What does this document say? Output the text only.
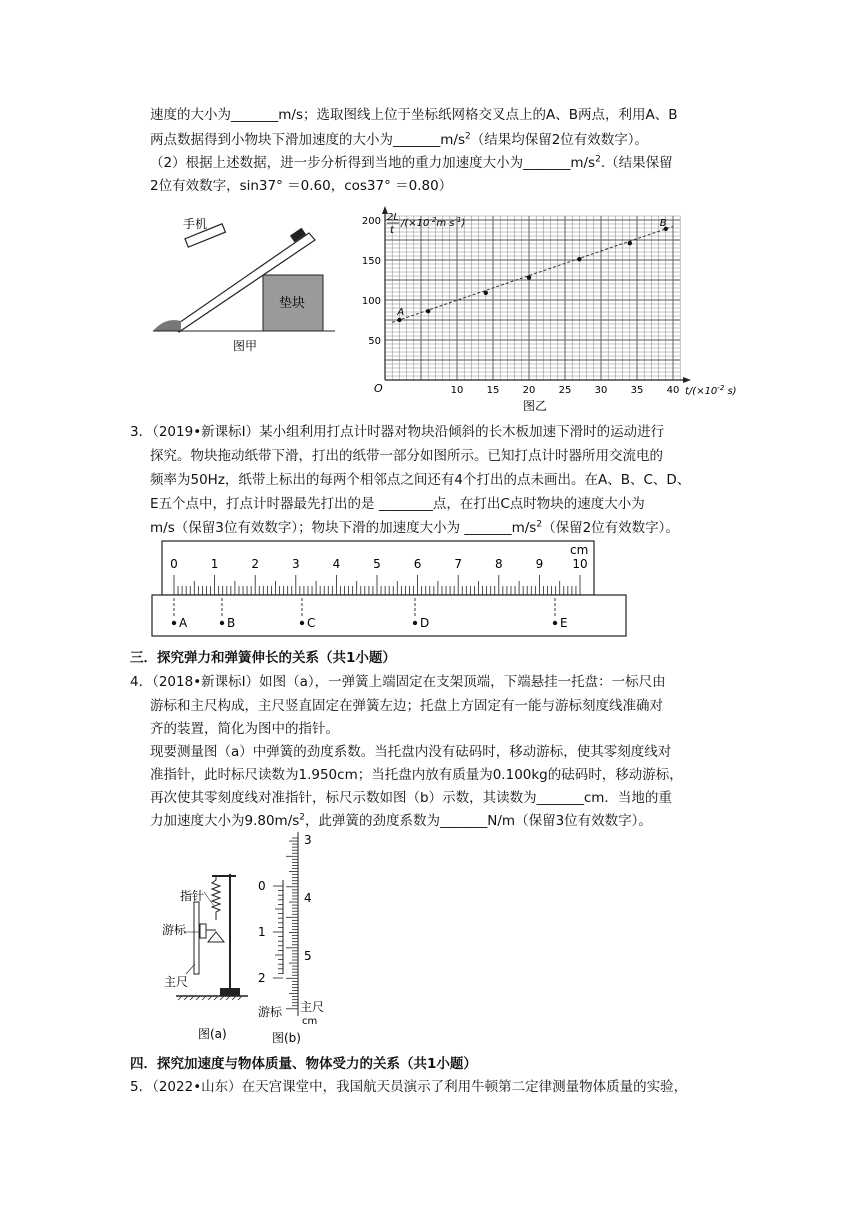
速度的大小为_______m/s；选取图线上位于坐标纸网格交叉点上的A、B两点，利用A、B
两点数据得到小物块下滑加速度的大小为$\_\_\_\_\_\_\_m/s^2$（结果均保留2位有效数字）。
（2）根据上述数据，进一步分析得到当地的重力加速度大小为$\_\_\_\_\_\_\_m/s^2$.（结果保留
2位有效数字，sin37° ＝0.60，cos37° ＝0.80）
手机
垫块
图甲
2L
t
$/(\times 10^{-2}m$ $s^{-1}$)
$t/(\times 10^{-2}$ s)
O	10 15 20 25 30 35 40
50
100
150
200
A
B
图乙
3．（2019•新课标Ⅰ）某小组利用打点计时器对物块沿倾斜的长木板加速下滑时的运动进行
探究。物块拖动纸带下滑，打出的纸带一部分如图所示。已知打点计时器所用交流电的
频率为50Hz，纸带上标出的每两个相邻点之间还有4个打出的点未画出。在A、B、C、D、
E五个点中，打点计时器最先打出的是 ________点，在打出C点时物块的速度大小为
m/s（保留3位有效数字）；物块下滑的加速度大小为 $\_\_\_\_\_\_\_m/s^2$（保留2位有效数字）。
0	1	2	3	4	5	6	7	8	9 10
cm
A	B	C	D	E
三．探究弹力和弹簧伸长的关系（共1小题）
4．（2018•新课标Ⅰ）如图（a），一弹簧上端固定在支架顶端，下端悬挂一托盘：一标尺由
游标和主尺构成，主尺竖直固定在弹簧左边；托盘上方固定有一能与游标刻度线准确对
齐的装置，简化为图中的指针。
现要测量图（a）中弹簧的劲度系数。当托盘内没有砝码时，移动游标，使其零刻度线对
准指针，此时标尺读数为1.950cm；当托盘内放有质量为0.100kg的砝码时，移动游标，
再次使其零刻度线对准指针，标尺示数如图（b）示数，其读数为_______cm．当地的重
力加速度大小为$9.80m/s^2$，此弹簧的劲度系数为_______N/m（保留3位有效数字）。
指针
游标
主尺
图(a)
3
4
5
0
1
2
游标 主尺
cm
图(b)
四．探究加速度与物体质量、物体受力的关系（共1小题）
5．（2022•山东）在天宫课堂中，我国航天员演示了利用牛顿第二定律测量物体质量的实验，
